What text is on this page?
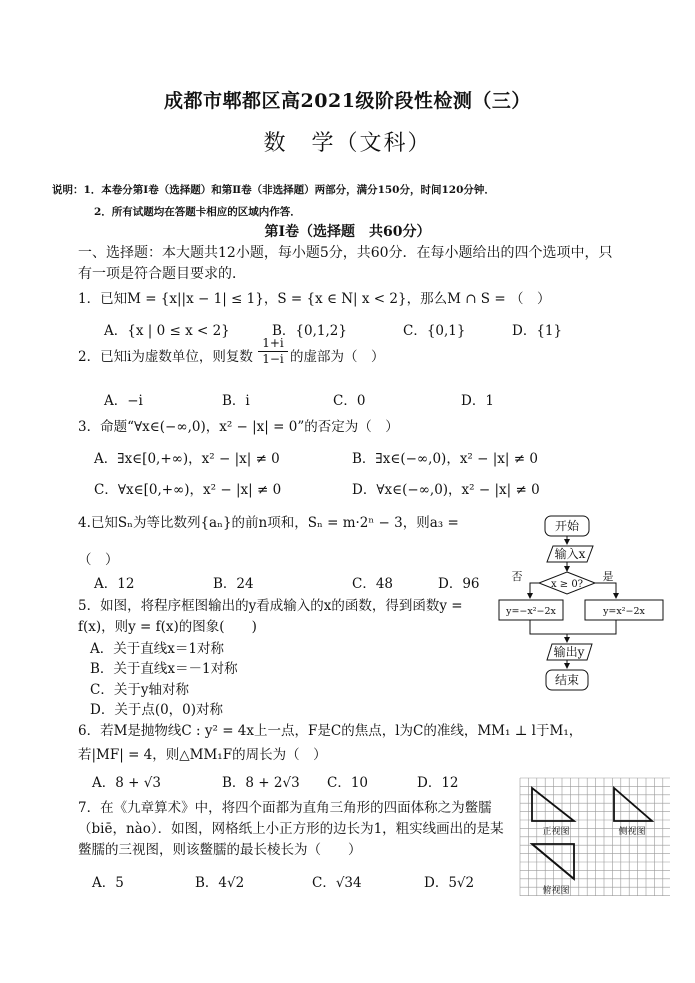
成都市郫都区高2021级阶段性检测（三）
数　学（文科）
说明：1．本卷分第Ⅰ卷（选择题）和第Ⅱ卷（非选择题）两部分，满分150分，时间120分钟．
2．所有试题均在答题卡相应的区域内作答．
第Ⅰ卷（选择题　共60分）
一、选择题：本大题共12小题，每小题5分，共60分．在每小题给出的四个选项中，只
有一项是符合题目要求的．
1．已知M = {x||x − 1| ≤ 1}，S = {x ∈ N| x < 2}，那么M ∩ S = （　）
A．{x | 0 ≤ x < 2}	B．{0,1,2}	C．{0,1}	D．{1}
2．已知i为虚数单位，则复数 $\frac{1+i}{1-i}$ 的虚部为（　）
A．−i	B．i	C．0	D．1
3．命题“∀x∈(−∞,0)，x² − |x| = 0”的否定为（　）
A．∃x∈[0,+∞)，x² − |x| ≠ 0	B．∃x∈(−∞,0)，x² − |x| ≠ 0
C．∀x∈[0,+∞)，x² − |x| ≠ 0	D．∀x∈(−∞,0)，x² − |x| ≠ 0
4.已知Sₙ为等比数列{aₙ}的前n项和，Sₙ = m·2ⁿ − 3，则a₃ =
（　）
A．12	B．24	C．48	D．96
5．如图，将程序框图输出的y看成输入的x的函数，得到函数y =
f(x)，则y = f(x)的图象(　　)
A．关于直线x＝1对称
B．关于直线x＝－1对称
C．关于y轴对称
D．关于点(0，0)对称
6．若M是抛物线C : y² = 4x上一点，F是C的焦点，l为C的准线，MM₁ ⊥ l于M₁，
若|MF| = 4，则△MM₁F的周长为（　）
A．8 + √3	B．8 + 2√3 C．10	D．12
7．在《九章算术》中，将四个面都为直角三角形的四面体称之为鳖臑
（biē，nào）．如图，网格纸上小正方形的边长为1，粗实线画出的是某
鳖臑的三视图，则该鳖臑的最长棱长为（　　）
A．5	B．4√2	C．√34	D．5√2
开始
输入x
x ≥ 0?
否	是
y=−x²−2x	y=x²−2x
输出y
结束
正视图	侧视图
俯视图
